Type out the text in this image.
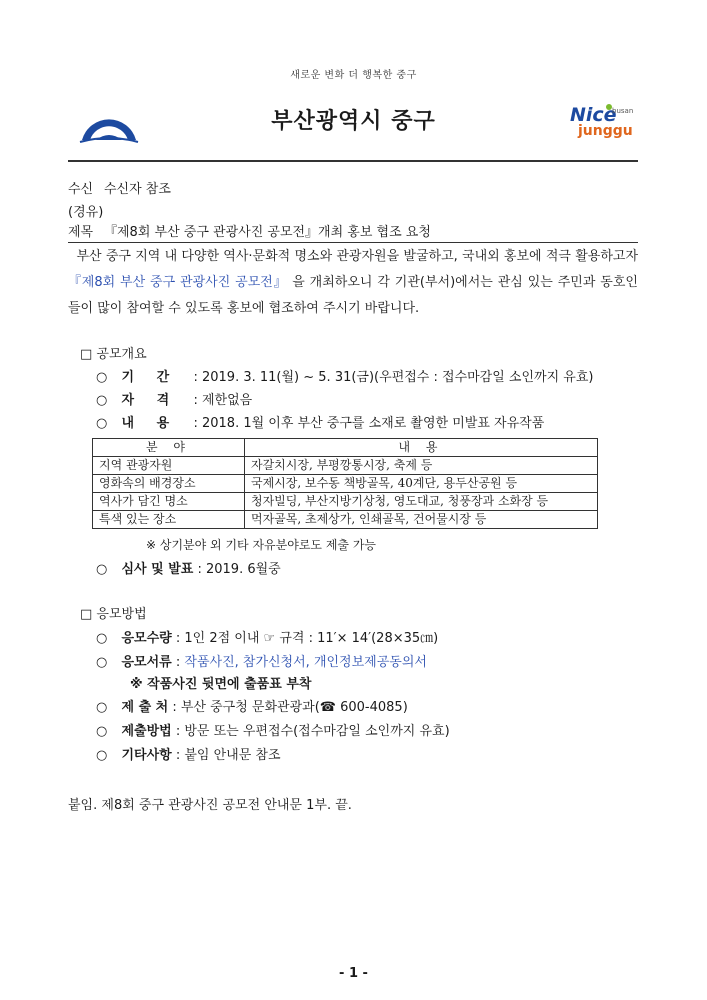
새로운 변화 더 행복한 중구
부산광역시 중구	Nice
busan
junggu
수신 수신자 참조
(경유)
제목 『제8회 부산 중구 관광사진 공모전』개최 홍보 협조 요청
부산 중구 지역 내 다양한 역사·문화적 명소와 관광자원을 발굴하고, 국내외 홍보에 적극 활용하고자『제8회 부산 중구 관광사진 공모전』 을 개최하오니 각 기관(부서)에서는 관심 있는 주민과 동호인들이 많이 참여할 수 있도록 홍보에 협조하여 주시기 바랍니다.
□ 공모개요
○ 기     간 : 2019. 3. 11(월) ~ 5. 31(금)(우편접수 : 접수마감일 소인까지 유효)
○ 자     격 : 제한없음
○ 내     용 : 2018. 1월 이후 부산 중구를 소재로 촬영한 미발표 자유작품
분 야	내 용
지역 관광자원	자갈치시장, 부평깡통시장, 축제 등
영화속의 배경장소	국제시장, 보수동 책방골목, 40계단, 용두산공원 등
역사가 담긴 명소	청자빌딩, 부산지방기상청, 영도대교, 청풍장과 소화장 등
특색 있는 장소	먹자골목, 초제상가, 인쇄골목, 건어물시장 등
※ 상기분야 외 기타 자유분야로도 제출 가능
○ 심사 및 발표 : 2019. 6월중
□ 응모방법
○ 응모수량 : 1인 2점 이내 ☞ 규격 : 11′× 14′(28×35㎝)
○ 응모서류 : 작품사진, 참가신청서, 개인정보제공동의서
※ 작품사진 뒷면에 출품표 부착
○ 제 출 처 : 부산 중구청 문화관광과(☎ 600-4085)
○ 제출방법 : 방문 또는 우편접수(접수마감일 소인까지 유효)
○ 기타사항 : 붙임 안내문 참조
붙임. 제8회 중구 관광사진 공모전 안내문 1부. 끝.
- 1 -
